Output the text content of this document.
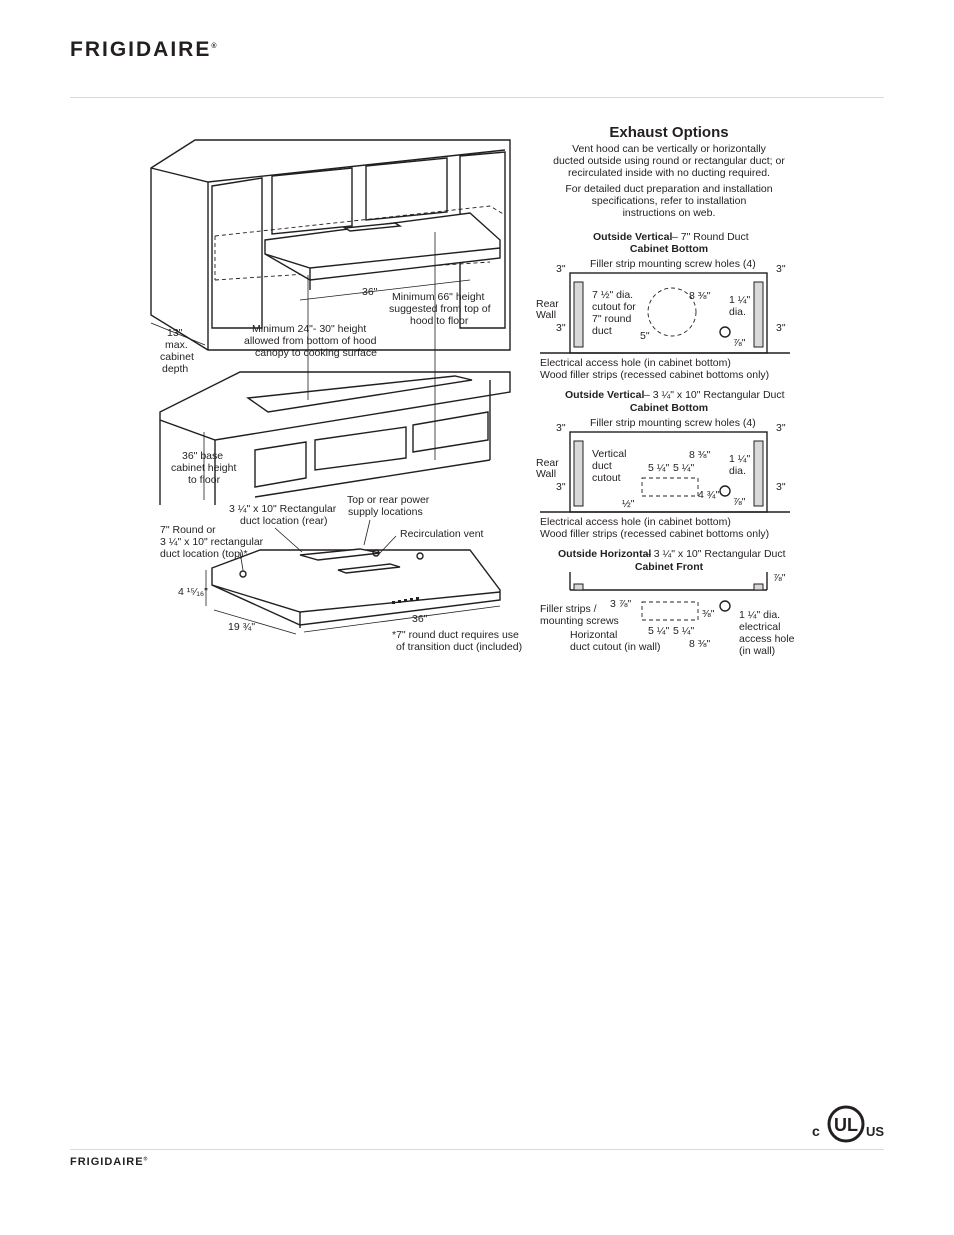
FRIGIDAIRE®
36" Minimum 66" height
suggested from top of
hood to floor
Minimum 24"- 30" height
allowed from bottom of hood
canopy to cooking surface
13"
max.
cabinet
depth
36" base
cabinet height
to floor
3 ¼" x 10" Rectangular
duct location (rear)
Top or rear power
supply locations
Recirculation vent
7" Round or
3 ¼" x 10" rectangular
duct location (top)*
4 ¹⁵⁄₁₆"
19 ¾"
36"
*7" round duct requires use
of transition duct (included)
Exhaust Options
Vent hood can be vertically or horizontally
ducted outside using round or rectangular duct; or
recirculated inside with no ducting required.
For detailed duct preparation and installation
specifications, refer to installation
instructions on web.
Outside Vertical – 7" Round Duct
Cabinet Bottom
Filler strip mounting screw holes (4)
3"	3"
3"	3"
Rear
Wall
7 ½" dia.
cutout for
7" round
duct
8 ⅜"
5"
1 ¼"
dia.
⅞"
Electrical access hole (in cabinet bottom)
Wood filler strips (recessed cabinet bottoms only)
Outside Vertical – 3 ¼" x 10" Rectangular Duct
Cabinet Bottom
Filler strip mounting screw holes (4)
3"	3"
3"	3"
Rear
Wall
Vertical
duct
cutout
5 ¼" 5 ¼"
8 ⅜" 1 ¼"
dia.
4 ¾"
½"	⅞"
Electrical access hole (in cabinet bottom)
Wood filler strips (recessed cabinet bottoms only)
Outside Horizontal
– 3 ¼" x 10" Rectangular Duct
Cabinet Front
⅞"
Filler strips /
mounting screws
3 ⅞"
⅜" 1 ¼" dia.
electrical
access hole
(in wall)
5 ¼" 5 ¼"
8 ⅜"
Horizontal
duct cutout (in wall)
c UL US
FRIGIDAIRE®
